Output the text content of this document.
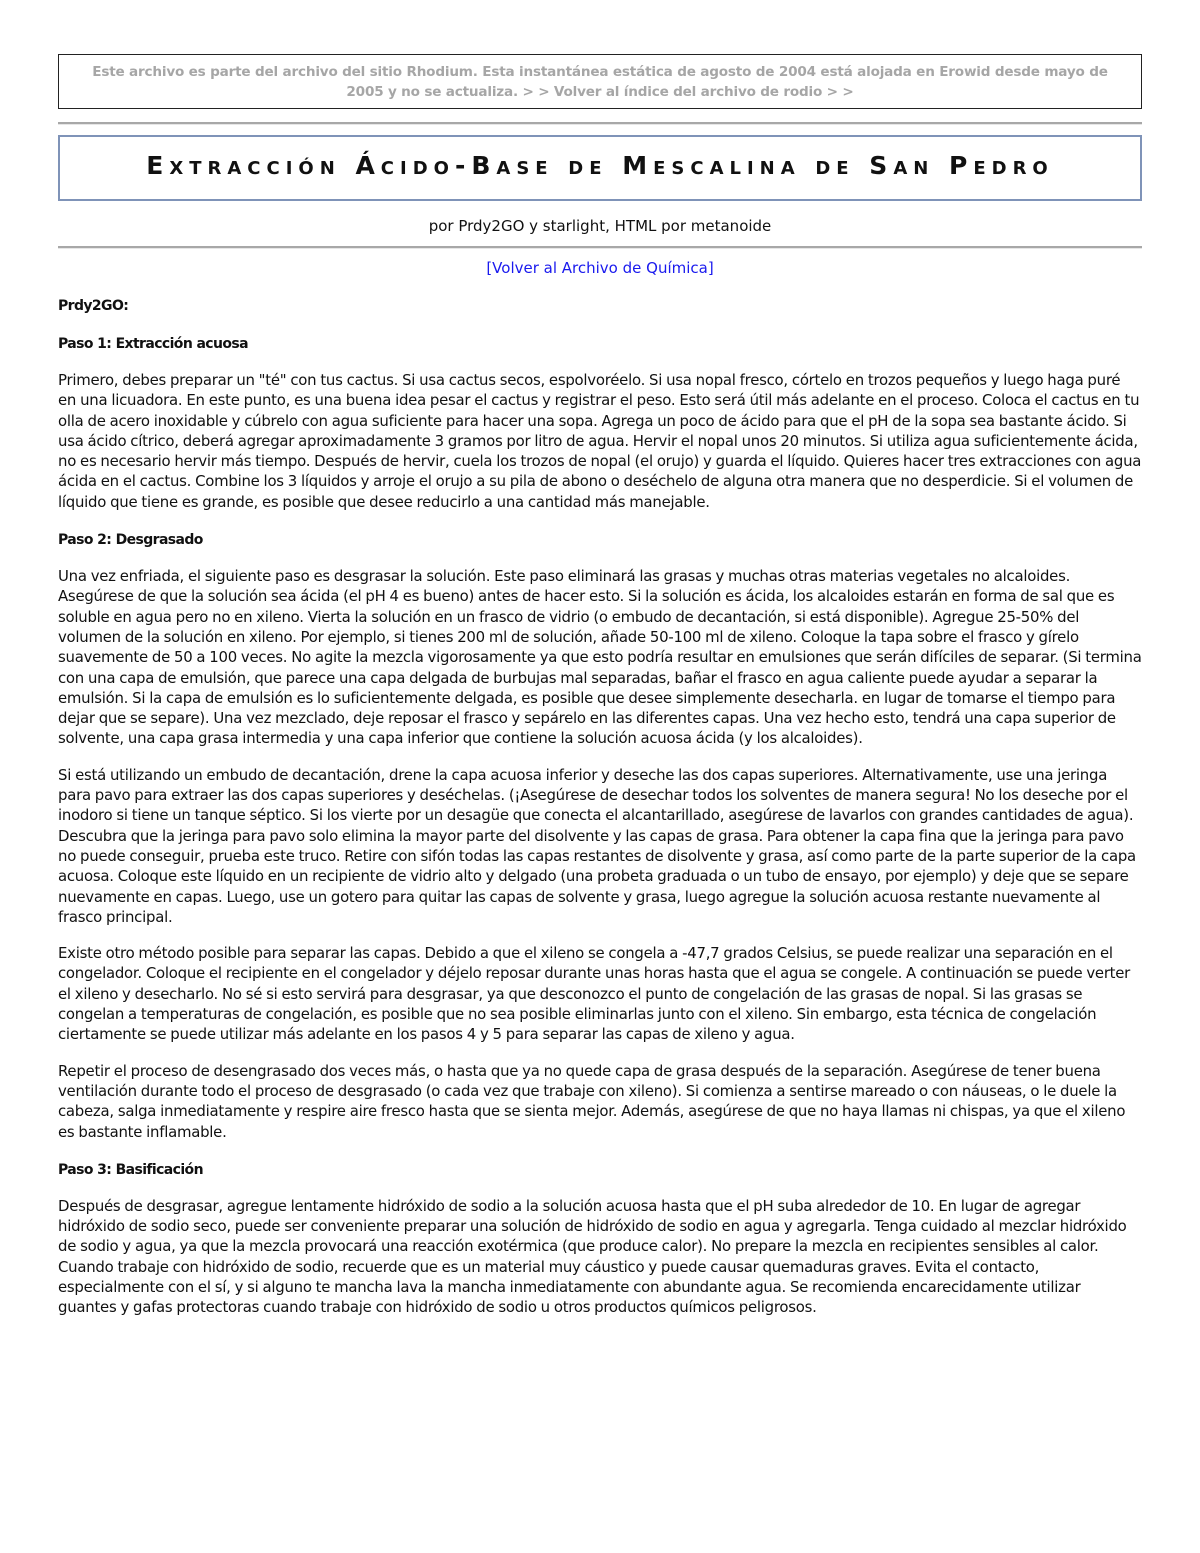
Este archivo es parte del archivo del sitio Rhodium. Esta instantánea estática de agosto de 2004 está alojada en Erowid desde mayo de 2005 y no se actualiza. > > Volver al índice del archivo de rodio > >
Extracción Ácido-Base de Mescalina de San Pedro
por Prdy2GO y starlight, HTML por metanoide
[Volver al Archivo de Química]
Prdy2GO:
Paso 1: Extracción acuosa

Primero, debes preparar un "té" con tus cactus. Si usa cactus secos, espolvoréelo. Si usa nopal fresco, córtelo en trozos pequeños y luego haga puré en una licuadora. En este punto, es una buena idea pesar el cactus y registrar el peso. Esto será útil más adelante en el proceso. Coloca el cactus en tu olla de acero inoxidable y cúbrelo con agua suficiente para hacer una sopa. Agrega un poco de ácido para que el pH de la sopa sea bastante ácido. Si usa ácido cítrico, deberá agregar aproximadamente 3 gramos por litro de agua. Hervir el nopal unos 20 minutos. Si utiliza agua suficientemente ácida, no es necesario hervir más tiempo. Después de hervir, cuela los trozos de nopal (el orujo) y guarda el líquido. Quieres hacer tres extracciones con agua ácida en el cactus. Combine los 3 líquidos y arroje el orujo a su pila de abono o deséchelo de alguna otra manera que no desperdicie. Si el volumen de líquido que tiene es grande, es posible que desee reducirlo a una cantidad más manejable.

Paso 2: Desgrasado

Una vez enfriada, el siguiente paso es desgrasar la solución. Este paso eliminará las grasas y muchas otras materias vegetales no alcaloides. Asegúrese de que la solución sea ácida (el pH 4 es bueno) antes de hacer esto. Si la solución es ácida, los alcaloides estarán en forma de sal que es soluble en agua pero no en xileno. Vierta la solución en un frasco de vidrio (o embudo de decantación, si está disponible). Agregue 25-50% del volumen de la solución en xileno. Por ejemplo, si tienes 200 ml de solución, añade 50-100 ml de xileno. Coloque la tapa sobre el frasco y gírelo suavemente de 50 a 100 veces. No agite la mezcla vigorosamente ya que esto podría resultar en emulsiones que serán difíciles de separar. (Si termina con una capa de emulsión, que parece una capa delgada de burbujas mal separadas, bañar el frasco en agua caliente puede ayudar a separar la emulsión. Si la capa de emulsión es lo suficientemente delgada, es posible que desee simplemente desecharla. en lugar de tomarse el tiempo para dejar que se separe). Una vez mezclado, deje reposar el frasco y sepárelo en las diferentes capas. Una vez hecho esto, tendrá una capa superior de solvente, una capa grasa intermedia y una capa inferior que contiene la solución acuosa ácida (y los alcaloides).

Si está utilizando un embudo de decantación, drene la capa acuosa inferior y deseche las dos capas superiores. Alternativamente, use una jeringa para pavo para extraer las dos capas superiores y deséchelas. (¡Asegúrese de desechar todos los solventes de manera segura! No los deseche por el inodoro si tiene un tanque séptico. Si los vierte por un desagüe que conecta el alcantarillado, asegúrese de lavarlos con grandes cantidades de agua). Descubra que la jeringa para pavo solo elimina la mayor parte del disolvente y las capas de grasa. Para obtener la capa fina que la jeringa para pavo no puede conseguir, prueba este truco. Retire con sifón todas las capas restantes de disolvente y grasa, así como parte de la parte superior de la capa acuosa. Coloque este líquido en un recipiente de vidrio alto y delgado (una probeta graduada o un tubo de ensayo, por ejemplo) y deje que se separe nuevamente en capas. Luego, use un gotero para quitar las capas de solvente y grasa, luego agregue la solución acuosa restante nuevamente al frasco principal.

Existe otro método posible para separar las capas. Debido a que el xileno se congela a -47,7 grados Celsius, se puede realizar una separación en el congelador. Coloque el recipiente en el congelador y déjelo reposar durante unas horas hasta que el agua se congele. A continuación se puede verter el xileno y desecharlo. No sé si esto servirá para desgrasar, ya que desconozco el punto de congelación de las grasas de nopal. Si las grasas se congelan a temperaturas de congelación, es posible que no sea posible eliminarlas junto con el xileno. Sin embargo, esta técnica de congelación ciertamente se puede utilizar más adelante en los pasos 4 y 5 para separar las capas de xileno y agua.

Repetir el proceso de desengrasado dos veces más, o hasta que ya no quede capa de grasa después de la separación. Asegúrese de tener buena ventilación durante todo el proceso de desgrasado (o cada vez que trabaje con xileno). Si comienza a sentirse mareado o con náuseas, o le duele la cabeza, salga inmediatamente y respire aire fresco hasta que se sienta mejor. Además, asegúrese de que no haya llamas ni chispas, ya que el xileno es bastante inflamable.

Paso 3: Basificación

Después de desgrasar, agregue lentamente hidróxido de sodio a la solución acuosa hasta que el pH suba alrededor de 10. En lugar de agregar hidróxido de sodio seco, puede ser conveniente preparar una solución de hidróxido de sodio en agua y agregarla. Tenga cuidado al mezclar hidróxido de sodio y agua, ya que la mezcla provocará una reacción exotérmica (que produce calor). No prepare la mezcla en recipientes sensibles al calor. Cuando trabaje con hidróxido de sodio, recuerde que es un material muy cáustico y puede causar quemaduras graves. Evita el contacto, especialmente con el sí, y si alguno te mancha lava la mancha inmediatamente con abundante agua. Se recomienda encarecidamente utilizar guantes y gafas protectoras cuando trabaje con hidróxido de sodio u otros productos químicos peligrosos.
